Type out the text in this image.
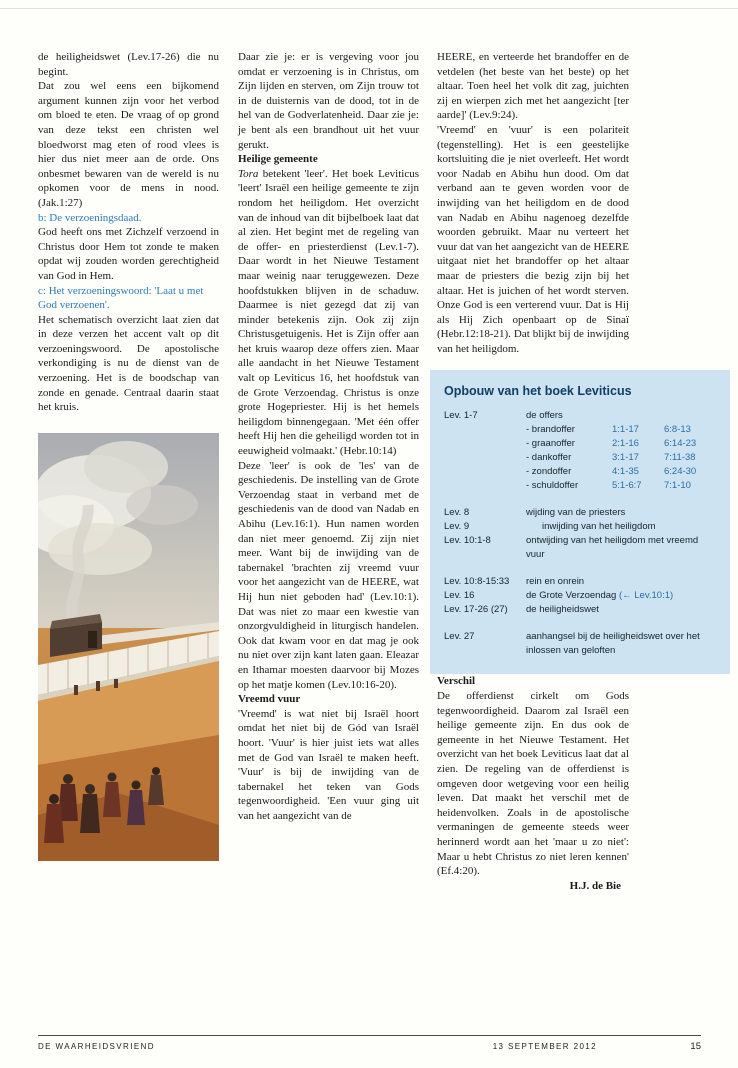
de heiligheidswet (Lev.17-26) die nu begint.

Dat zou wel eens een bijkomend argument kunnen zijn voor het verbod om bloed te eten. De vraag of op grond van deze tekst een christen wel bloedworst mag eten of rood vlees is hier dus niet meer aan de orde. Ons onbesmet bewaren van de wereld is nu opkomen voor de mens in nood. (Jak.1:27)

b: De verzoeningsdaad.

God heeft ons met Zichzelf verzoend in Christus door Hem tot zonde te maken opdat wij zouden worden gerechtigheid van God in Hem.

c: Het verzoeningswoord: 'Laat u met God verzoenen'.

Het schematisch overzicht laat zien dat in deze verzen het accent valt op dit verzoeningswoord. De apostolische verkondiging is nu de dienst van de verzoening. Het is de boodschap van zonde en genade. Centraal daarin staat het kruis.

Daar zie je: er is vergeving voor jou omdat er verzoening is in Christus, om Zijn lijden en sterven, om Zijn trouw tot in de duisternis van de dood, tot in de hel van de Godverlatenheid. Daar zie je: je bent als een brandhout uit het vuur gerukt.

Heilige gemeente

Tora betekent 'leer'. Het boek Leviticus 'leert' Israël een heilige gemeente te zijn rondom het heiligdom. Het overzicht van de inhoud van dit bijbelboek laat dat al zien. Het begint met de regeling van de offer- en priesterdienst (Lev.1-7). Daar wordt in het Nieuwe Testament maar weinig naar teruggewezen. Deze hoofdstukken blijven in de schaduw. Daarmee is niet gezegd dat zij van minder betekenis zijn. Ook zij zijn Christusgetuigenis. Het is Zijn offer aan het kruis waarop deze offers zien. Maar alle aandacht in het Nieuwe Testament valt op Leviticus 16, het hoofdstuk van de Grote Verzoendag. Christus is onze grote Hogepriester. Hij is het hemels heiligdom binnengegaan. 'Met één offer heeft Hij hen die geheiligd worden tot in eeuwigheid volmaakt.' (Hebr.10:14)

Deze 'leer' is ook de 'les' van de geschiedenis. De instelling van de Grote Verzoendag staat in verband met de geschiedenis van de dood van Nadab en Abihu (Lev.16:1). Hun namen worden dan niet meer genoemd. Zij zijn niet meer. Want bij de inwijding van de tabernakel 'brachten zij vreemd vuur voor het aangezicht van de HEERE, wat Hij hun niet geboden had' (Lev.10:1). Dat was niet zo maar een kwestie van onzorgvuldigheid in liturgisch handelen. Ook dat kwam voor en dat mag je ook nu niet over zijn kant laten gaan. Eleazar en Ithamar moesten daarvoor bij Mozes op het matje komen (Lev.10:16-20).

Vreemd vuur

'Vreemd' is wat niet bij Israël hoort omdat het niet bij de Gód van Israël hoort. 'Vuur' is hier juist iets wat alles met de God van Israël te maken heeft. 'Vuur' is bij de inwijding van de tabernakel het teken van Gods tegenwoordigheid. 'Een vuur ging uit van het aangezicht van de

HEERE, en verteerde het brandoffer en de vetdelen (het beste van het beste) op het altaar. Toen heel het volk dit zag, juichten zij en wierpen zich met het aangezicht [ter aarde]' (Lev.9:24).

'Vreemd' en 'vuur' is een polariteit (tegenstelling). Het is een geestelijke kortsluiting die je niet overleeft. Het wordt voor Nadab en Abihu hun dood. Om dat verband aan te geven worden voor de inwijding van het heiligdom en de dood van Nadab en Abihu nagenoeg dezelfde woorden gebruikt. Maar nu verteert het vuur dat van het aangezicht van de HEERE uitgaat niet het brandoffer op het altaar maar de priesters die bezig zijn bij het altaar. Het is juichen of het wordt sterven. Onze God is een verterend vuur. Dat is Hij als Hij Zich openbaart op de Sinaï (Hebr.12:18-21). Dat blijkt bij de inwijding van het heiligdom.

Opbouw van het boek Leviticus
Lev. 1-7	de offers
- brandoffer	1:1-17	6:8-13
- graanoffer	2:1-16	6:14-23
- dankoffer	3:1-17	7:11-38
- zondoffer	4:1-35	6:24-30
- schuldoffer	5:1-6:7	7:1-10
Lev. 8	wijding van de priesters
Lev. 9	inwijding van het heiligdom
Lev. 10:1-8	ontwijding van het heiligdom met vreemd vuur
Lev. 10:8-15:33	rein en onrein
Lev. 16	de Grote Verzoendag (← Lev.10:1)
Lev. 17-26 (27)	de heiligheidswet
Lev. 27	aanhangsel bij de heiligheidswet over het inlossen van geloften

Verschil

De offerdienst cirkelt om Gods tegenwoordigheid. Daarom zal Israël een heilige gemeente zijn. En dus ook de gemeente in het Nieuwe Testament. Het overzicht van het boek Leviticus laat dat al zien. De regeling van de offerdienst is omgeven door wetgeving voor een heilig leven. Dat maakt het verschil met de heidenvolken. Zoals in de apostolische vermaningen de gemeente steeds weer herinnerd wordt aan het 'maar u zo niet': Maar u hebt Christus zo niet leren kennen' (Ef.4:20).

H.J. de Bie

DE WAARHEIDSVRIEND	13 SEPTEMBER 2012	15
